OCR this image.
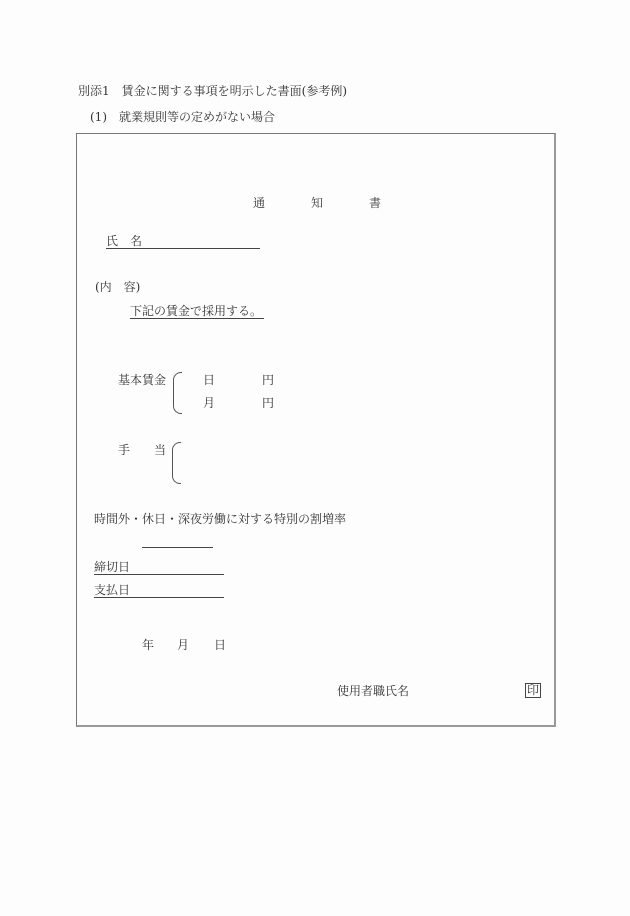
別添1　賃金に関する事項を明示した書面(参考例)
(1)　就業規則等の定めがない場合
通	知	書
氏　名
(内　容)
下記の賃金で採用する。
基本賃金	日	円
月	円
手　　当
時間外・休日・深夜労働に対する特別の割増率
締切日
支払日
年 月 日
使用者職氏名	印
